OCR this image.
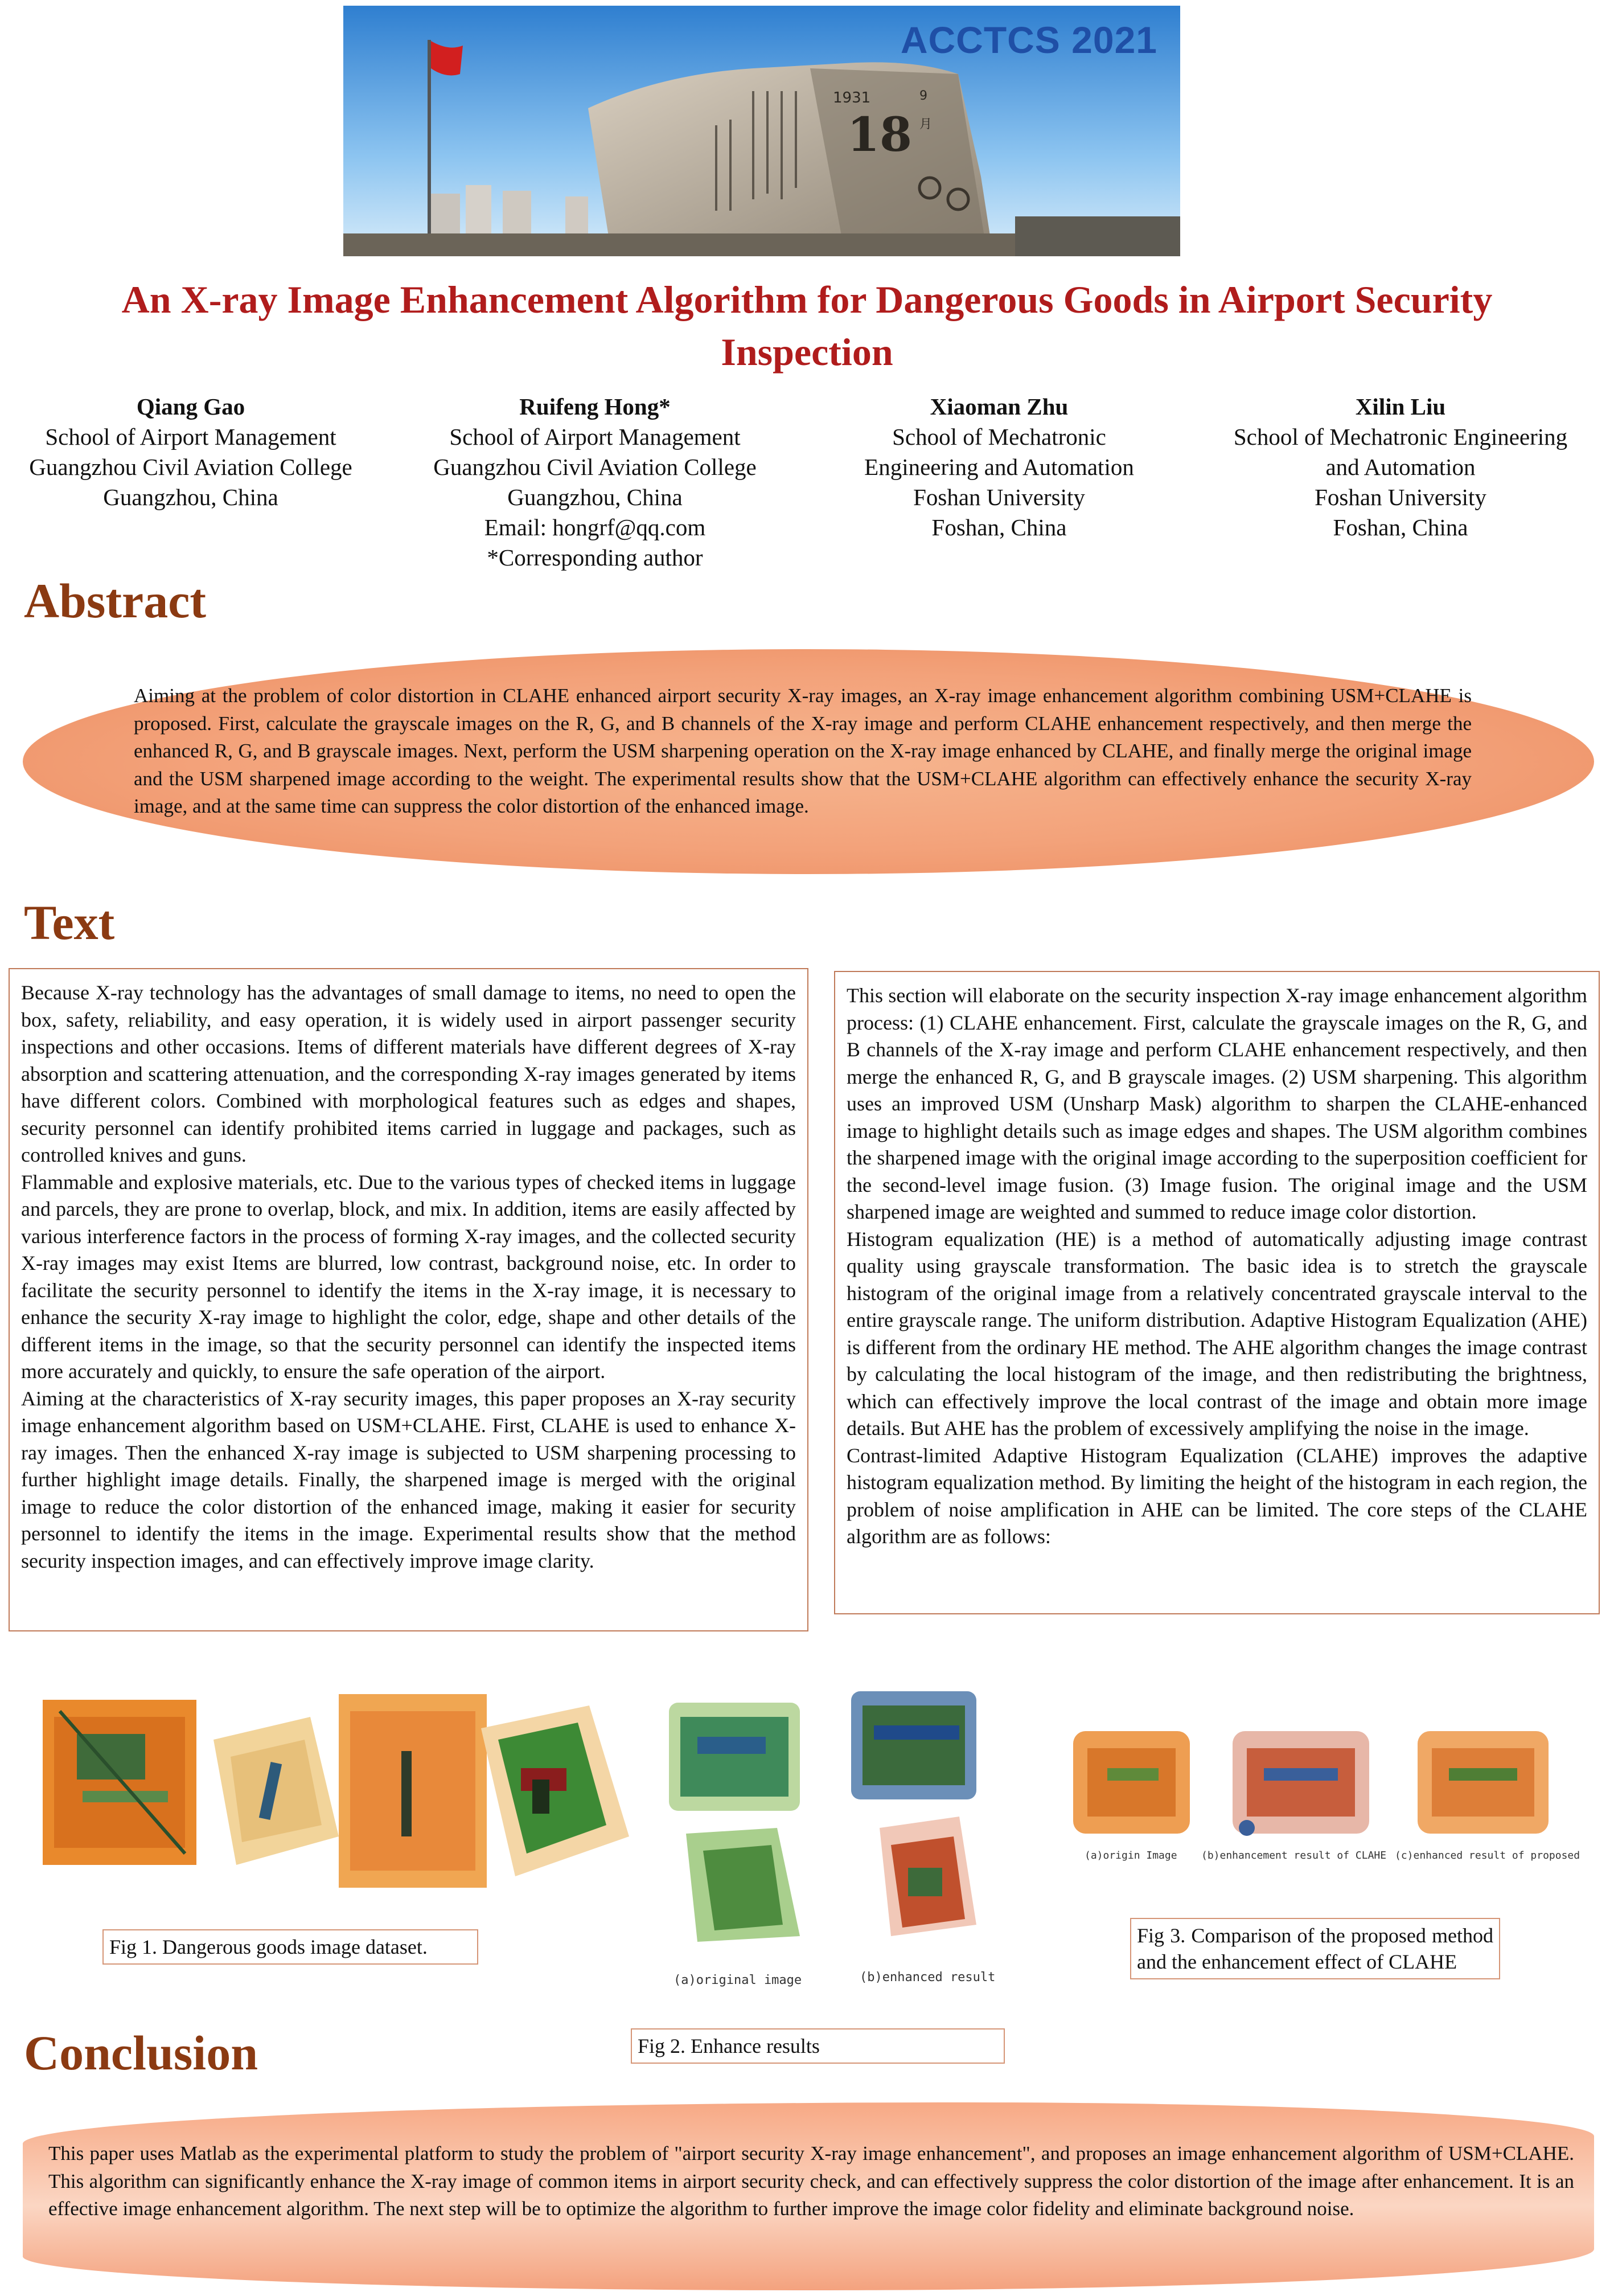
1931
18
9
月
ACCTCS 2021
An X-ray Image Enhancement Algorithm for Dangerous Goods in Airport Security Inspection
Qiang Gao
School of Airport Management
Guangzhou Civil Aviation College
Guangzhou, China
Ruifeng Hong*
School of Airport Management
Guangzhou Civil Aviation College
Guangzhou, China
Email: hongrf@qq.com
*Corresponding author
Xiaoman Zhu
School of Mechatronic
Engineering and Automation
Foshan University
Foshan, China
Xilin Liu
School of Mechatronic Engineering
and Automation
Foshan University
Foshan, China
Abstract
Aiming at the problem of color distortion in CLAHE enhanced airport security X-ray images, an X-ray image enhancement algorithm combining USM+CLAHE is proposed. First, calculate the grayscale images on the R, G, and B channels of the X-ray image and perform CLAHE enhancement respectively, and then merge the enhanced R, G, and B grayscale images. Next, perform the USM sharpening operation on the X-ray image enhanced by CLAHE, and finally merge the original image and the USM sharpened image according to the weight. The experimental results show that the USM+CLAHE algorithm can effectively enhance the security X-ray image, and at the same time can suppress the color distortion of the enhanced image.
Text

Because X-ray technology has the advantages of small damage to items, no need to open the box, safety, reliability, and easy operation, it is widely used in airport passenger security inspections and other occasions. Items of different materials have different degrees of X-ray absorption and scattering attenuation, and the corresponding X-ray images generated by items have different colors. Combined with morphological features such as edges and shapes, security personnel can identify prohibited items carried in luggage and packages, such as controlled knives and guns.

Flammable and explosive materials, etc. Due to the various types of checked items in luggage and parcels, they are prone to overlap, block, and mix. In addition, items are easily affected by various interference factors in the process of forming X-ray images, and the collected security X-ray images may exist Items are blurred, low contrast, background noise, etc. In order to facilitate the security personnel to identify the items in the X-ray image, it is necessary to enhance the security X-ray image to highlight the color, edge, shape and other details of the different items in the image, so that the security personnel can identify the inspected items more accurately and quickly, to ensure the safe operation of the airport.

Aiming at the characteristics of X-ray security images, this paper proposes an X-ray security image enhancement algorithm based on USM+CLAHE. First, CLAHE is used to enhance X-ray images. Then the enhanced X-ray image is subjected to USM sharpening processing to further highlight image details. Finally, the sharpened image is merged with the original image to reduce the color distortion of the enhanced image, making it easier for security personnel to identify the items in the image. Experimental results show that the method security inspection images, and can effectively improve image clarity.

This section will elaborate on the security inspection X-ray image enhancement algorithm process: (1) CLAHE enhancement. First, calculate the grayscale images on the R, G, and B channels of the X-ray image and perform CLAHE enhancement respectively, and then merge the enhanced R, G, and B grayscale images. (2) USM sharpening. This algorithm uses an improved USM (Unsharp Mask) algorithm to sharpen the CLAHE-enhanced image to highlight details such as image edges and shapes. The USM algorithm combines the sharpened image with the original image according to the superposition coefficient for the second-level image fusion. (3) Image fusion. The original image and the USM sharpened image are weighted and summed to reduce image color distortion.

Histogram equalization (HE) is a method of automatically adjusting image contrast quality using grayscale transformation. The basic idea is to stretch the grayscale histogram of the original image from a relatively concentrated grayscale interval to the entire grayscale range. The uniform distribution. Adaptive Histogram Equalization (AHE) is different from the ordinary HE method. The AHE algorithm changes the image contrast by calculating the local histogram of the image, and then redistributing the brightness, which can effectively improve the local contrast of the image and obtain more image details. But AHE has the problem of excessively amplifying the noise in the image.

Contrast-limited Adaptive Histogram Equalization (CLAHE) improves the adaptive histogram equalization method. By limiting the height of the histogram in each region, the problem of noise amplification in AHE can be limited. The core steps of the CLAHE algorithm are as follows:

Fig 1. Dangerous goods image dataset.
(a)original image	(b)enhanced result
Fig 2. Enhance results
(a)origin Image (b)enhancement result of CLAHE (c)enhanced result of proposed
Fig 3. Comparison of the proposed method and the enhancement effect of CLAHE
Conclusion
This paper uses Matlab as the experimental platform to study the problem of "airport security X-ray image enhancement", and proposes an image enhancement algorithm of USM+CLAHE. This algorithm can significantly enhance the X-ray image of common items in airport security check, and can effectively suppress the color distortion of the image after enhancement. It is an effective image enhancement algorithm. The next step will be to optimize the algorithm to further improve the image color fidelity and eliminate background noise.
